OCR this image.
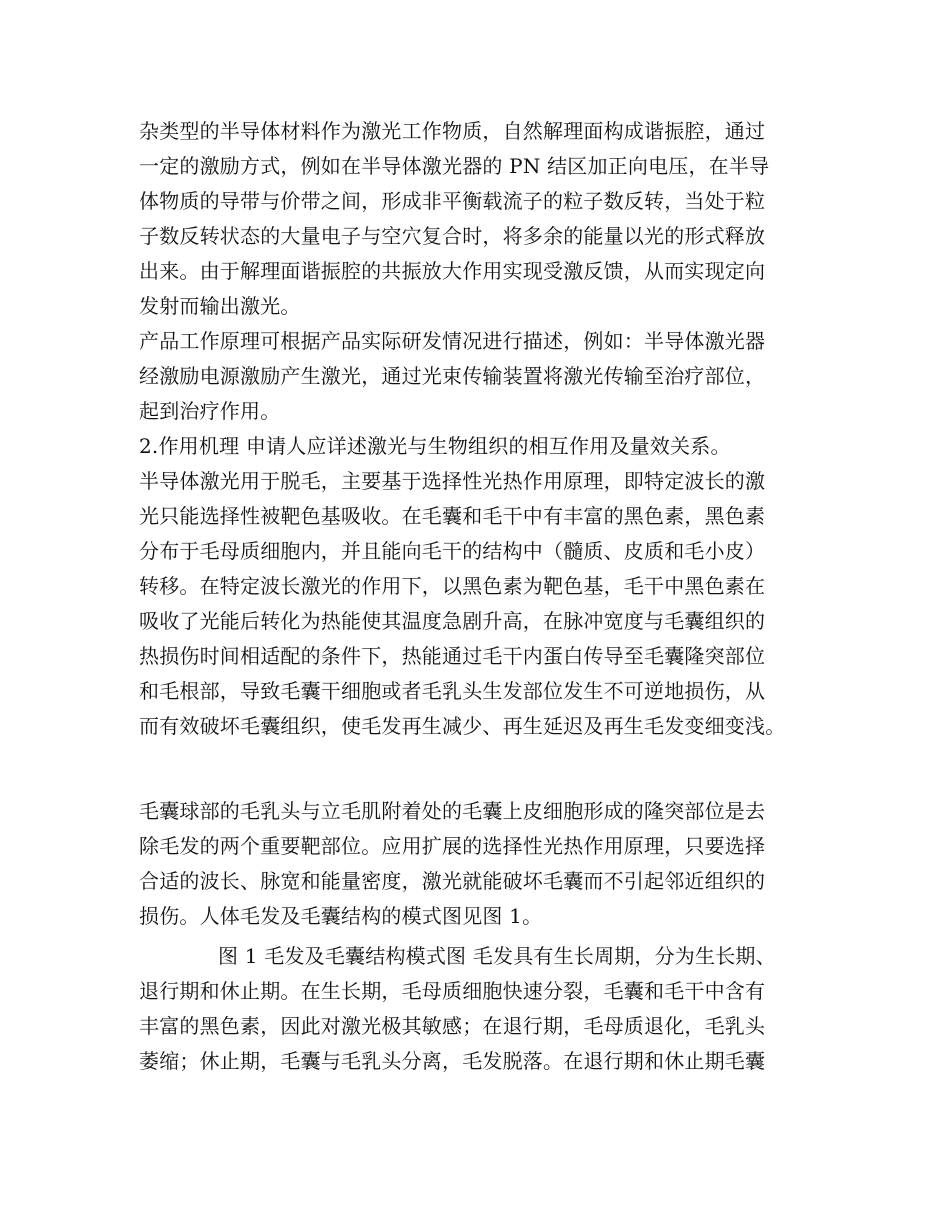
杂类型的半导体材料作为激光工作物质，自然解理面构成谐振腔，通过
一定的激励方式，例如在半导体激光器的 PN 结区加正向电压，在半导
体物质的导带与价带之间，形成非平衡载流子的粒子数反转，当处于粒
子数反转状态的大量电子与空穴复合时，将多余的能量以光的形式释放
出来。由于解理面谐振腔的共振放大作用实现受激反馈，从而实现定向
发射而输出激光。
产品工作原理可根据产品实际研发情况进行描述，例如：半导体激光器
经激励电源激励产生激光，通过光束传输装置将激光传输至治疗部位，
起到治疗作用。
2.作用机理 申请人应详述激光与生物组织的相互作用及量效关系。
半导体激光用于脱毛，主要基于选择性光热作用原理，即特定波长的激
光只能选择性被靶色基吸收。在毛囊和毛干中有丰富的黑色素，黑色素
分布于毛母质细胞内，并且能向毛干的结构中（髓质、皮质和毛小皮）
转移。在特定波长激光的作用下，以黑色素为靶色基，毛干中黑色素在
吸收了光能后转化为热能使其温度急剧升高，在脉冲宽度与毛囊组织的
热损伤时间相适配的条件下，热能通过毛干内蛋白传导至毛囊隆突部位
和毛根部，导致毛囊干细胞或者毛乳头生发部位发生不可逆地损伤，从
而有效破坏毛囊组织，使毛发再生减少、再生延迟及再生毛发变细变浅。
毛囊球部的毛乳头与立毛肌附着处的毛囊上皮细胞形成的隆突部位是去
除毛发的两个重要靶部位。应用扩展的选择性光热作用原理，只要选择
合适的波长、脉宽和能量密度，激光就能破坏毛囊而不引起邻近组织的
损伤。人体毛发及毛囊结构的模式图见图 1。
图 1 毛发及毛囊结构模式图 毛发具有生长周期，分为生长期、
退行期和休止期。在生长期，毛母质细胞快速分裂，毛囊和毛干中含有
丰富的黑色素，因此对激光极其敏感；在退行期，毛母质退化，毛乳头
萎缩；休止期，毛囊与毛乳头分离，毛发脱落。在退行期和休止期毛囊
